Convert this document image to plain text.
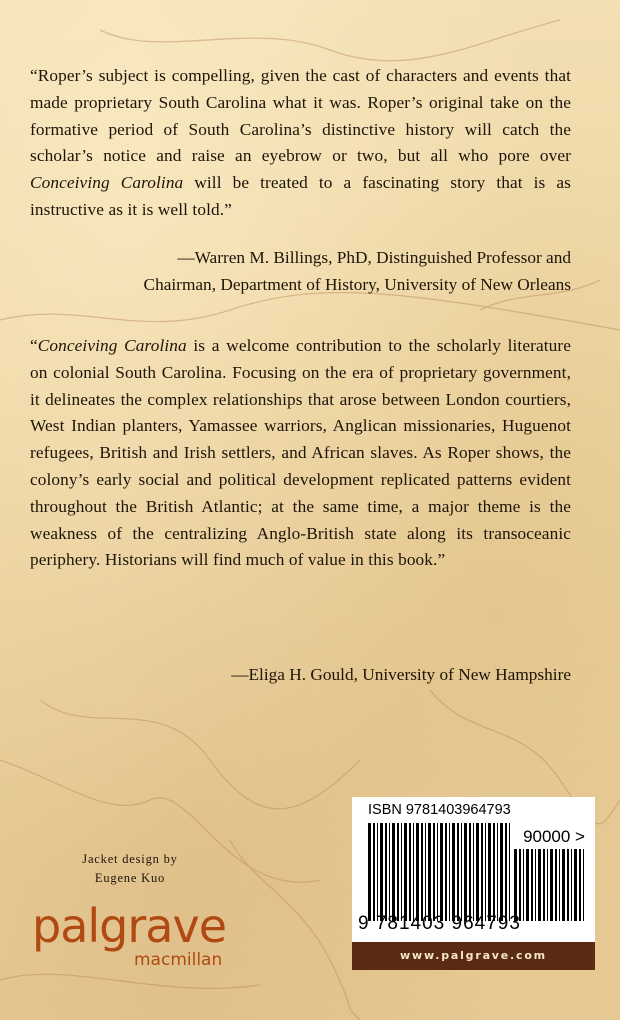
“Roper’s subject is compelling, given the cast of characters and events that made proprietary South Carolina what it was. Roper’s original take on the formative period of South Carolina’s distinctive history will catch the scholar’s notice and raise an eyebrow or two, but all who pore over Conceiving Carolina will be treated to a fascinating story that is as instructive as it is well told.”
—Warren M. Billings, PhD, Distinguished Professor and
Chairman, Department of History, University of New Orleans
“Conceiving Carolina is a welcome contribution to the scholarly literature on colonial South Carolina. Focusing on the era of proprietary government, it delineates the complex relationships that arose between London courtiers, West Indian planters, Yamassee warriors, Anglican missionaries, Huguenot refugees, British and Irish settlers, and African slaves. As Roper shows, the colony’s early social and political development replicated patterns evident throughout the British Atlantic; at the same time, a major theme is the weakness of the centralizing Anglo-British state along its transoceanic periphery. Historians will find much of value in this book.”
—Eliga H. Gould, University of New Hampshire
Jacket design by
Eugene Kuo
palgrave
macmillan
ISBN 9781403964793
90000 >
9 781403 964793
www.palgrave.com
